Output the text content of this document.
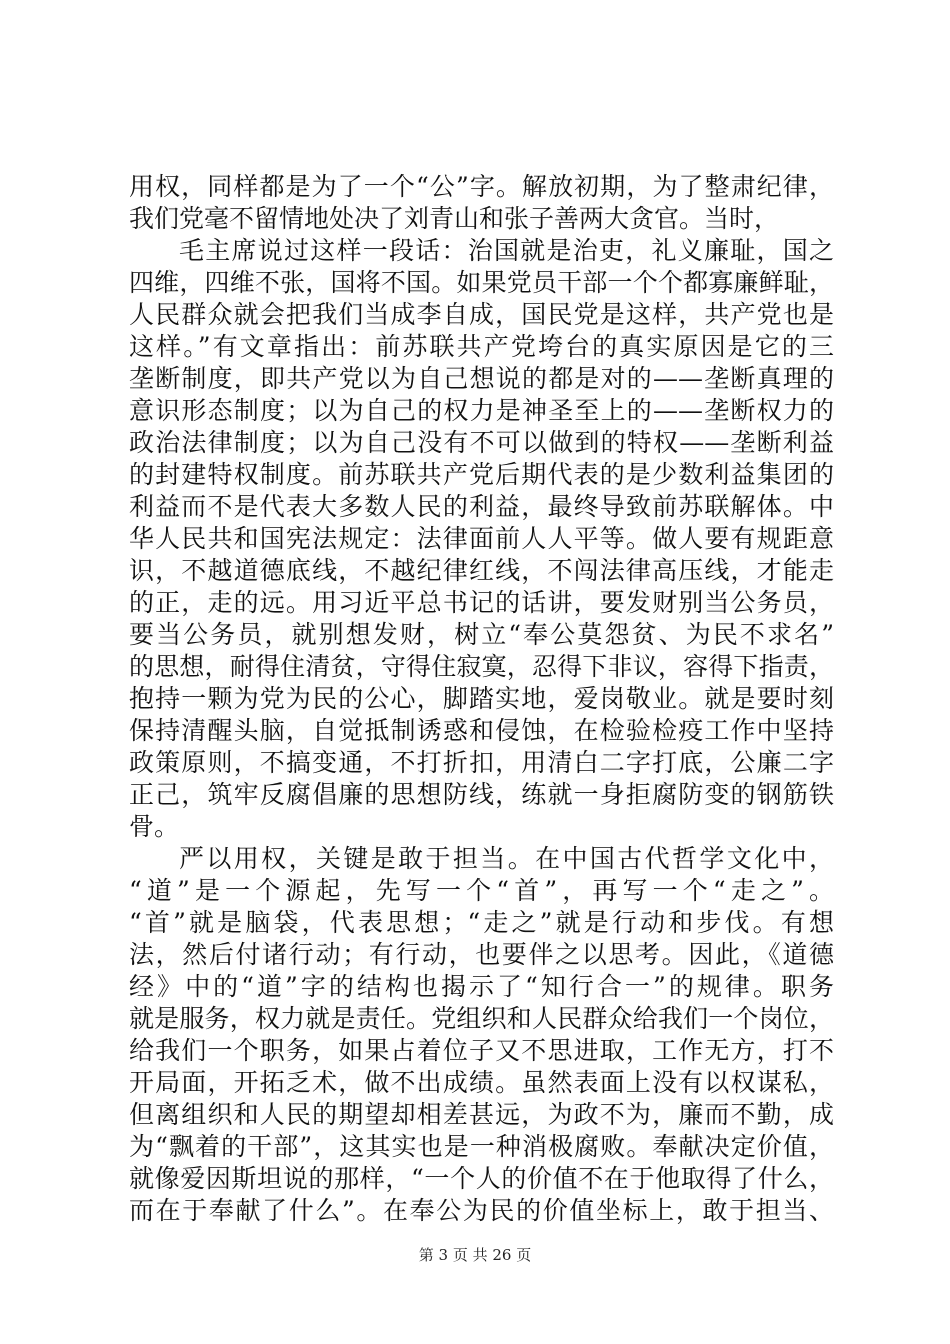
用权，同样都是为了一个“公”字。解放初期，为了整肃纪律，
我们党毫不留情地处决了刘青山和张子善两大贪官。当时，
毛主席说过这样一段话：治国就是治吏，礼义廉耻，国之
四维，四维不张，国将不国。如果党员干部一个个都寡廉鲜耻，
人民群众就会把我们当成李自成，国民党是这样，共产党也是
这样。”有文章指出：前苏联共产党垮台的真实原因是它的三
垄断制度，即共产党以为自己想说的都是对的——垄断真理的
意识形态制度；以为自己的权力是神圣至上的——垄断权力的
政治法律制度；以为自己没有不可以做到的特权——垄断利益
的封建特权制度。前苏联共产党后期代表的是少数利益集团的
利益而不是代表大多数人民的利益，最终导致前苏联解体。中
华人民共和国宪法规定：法律面前人人平等。做人要有规距意
识，不越道德底线，不越纪律红线，不闯法律高压线，才能走
的正，走的远。用习近平总书记的话讲，要发财别当公务员，
要当公务员，就别想发财，树立“奉公莫怨贫、为民不求名”
的思想，耐得住清贫，守得住寂寞，忍得下非议，容得下指责，
抱持一颗为党为民的公心，脚踏实地，爱岗敬业。就是要时刻
保持清醒头脑，自觉抵制诱惑和侵蚀，在检验检疫工作中坚持
政策原则，不搞变通，不打折扣，用清白二字打底，公廉二字
正己，筑牢反腐倡廉的思想防线，练就一身拒腐防变的钢筋铁
骨。
严以用权，关键是敢于担当。在中国古代哲学文化中，
“道”是一个源起，先写一个“首”，再写一个“走之”。
“首”就是脑袋，代表思想；“走之”就是行动和步伐。有想
法，然后付诸行动；有行动，也要伴之以思考。因此，《道德
经》中的“道”字的结构也揭示了“知行合一”的规律。职务
就是服务，权力就是责任。党组织和人民群众给我们一个岗位，
给我们一个职务，如果占着位子又不思进取，工作无方，打不
开局面，开拓乏术，做不出成绩。虽然表面上没有以权谋私，
但离组织和人民的期望却相差甚远，为政不为，廉而不勤，成
为“飘着的干部”，这其实也是一种消极腐败。奉献决定价值，
就像爱因斯坦说的那样，“一个人的价值不在于他取得了什么，
而在于奉献了什么”。在奉公为民的价值坐标上，敢于担当、
第 3 页 共 26 页
